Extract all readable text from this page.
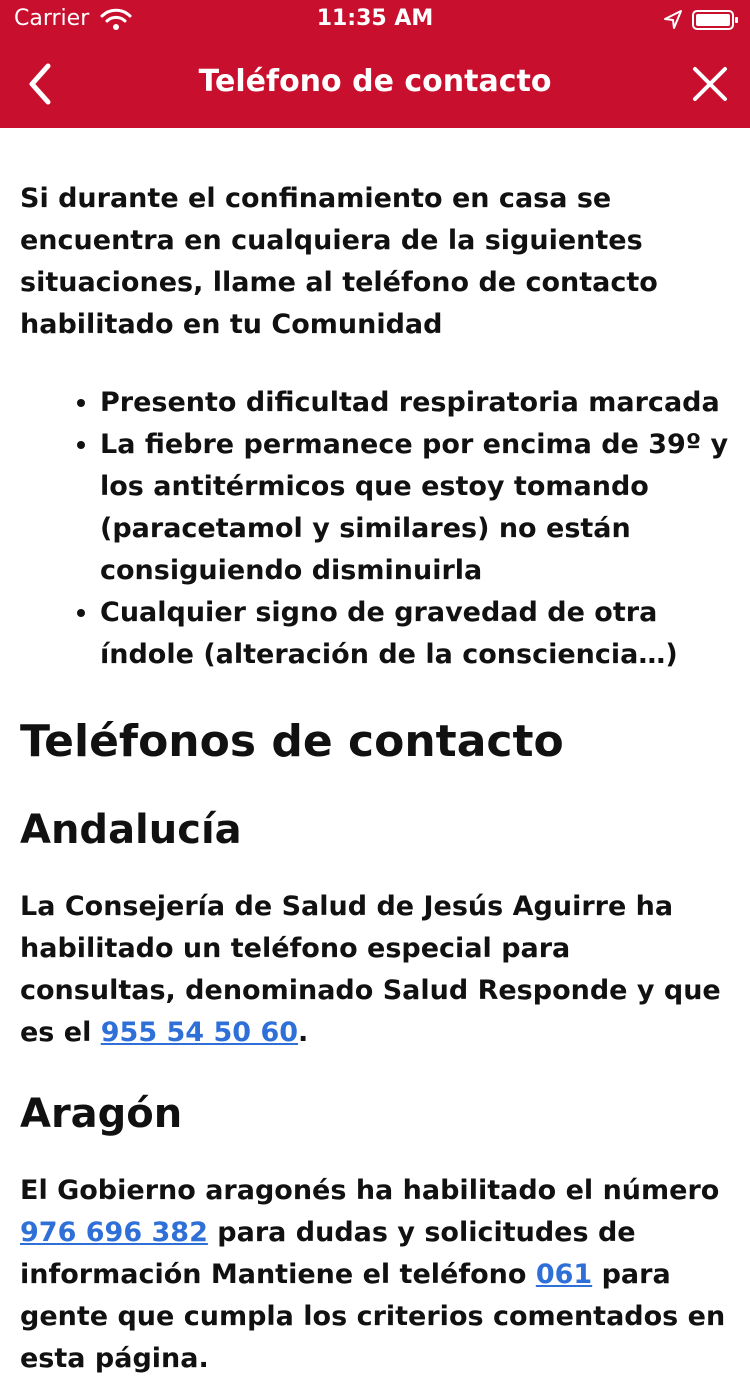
Carrier	11:35 AM
Teléfono de contacto

Si durante el confinamiento en casa se encuentra en cualquiera de la siguientes situaciones, llame al teléfono de contacto habilitado en tu Comunidad

• Presento dificultad respiratoria marcada
• La fiebre permanece por encima de 39º y los antitérmicos que estoy tomando (paracetamol y similares) no están consiguiendo disminuirla
• Cualquier signo de gravedad de otra índole (alteración de la consciencia…)
Teléfonos de contacto
Andalucía

La Consejería de Salud de Jesús Aguirre ha habilitado un teléfono especial para consultas, denominado Salud Responde y que es el 955 54 50 60.

Aragón

El Gobierno aragonés ha habilitado el número 976 696 382 para dudas y solicitudes de información Mantiene el teléfono 061 para gente que cumpla los criterios comentados en esta página.
